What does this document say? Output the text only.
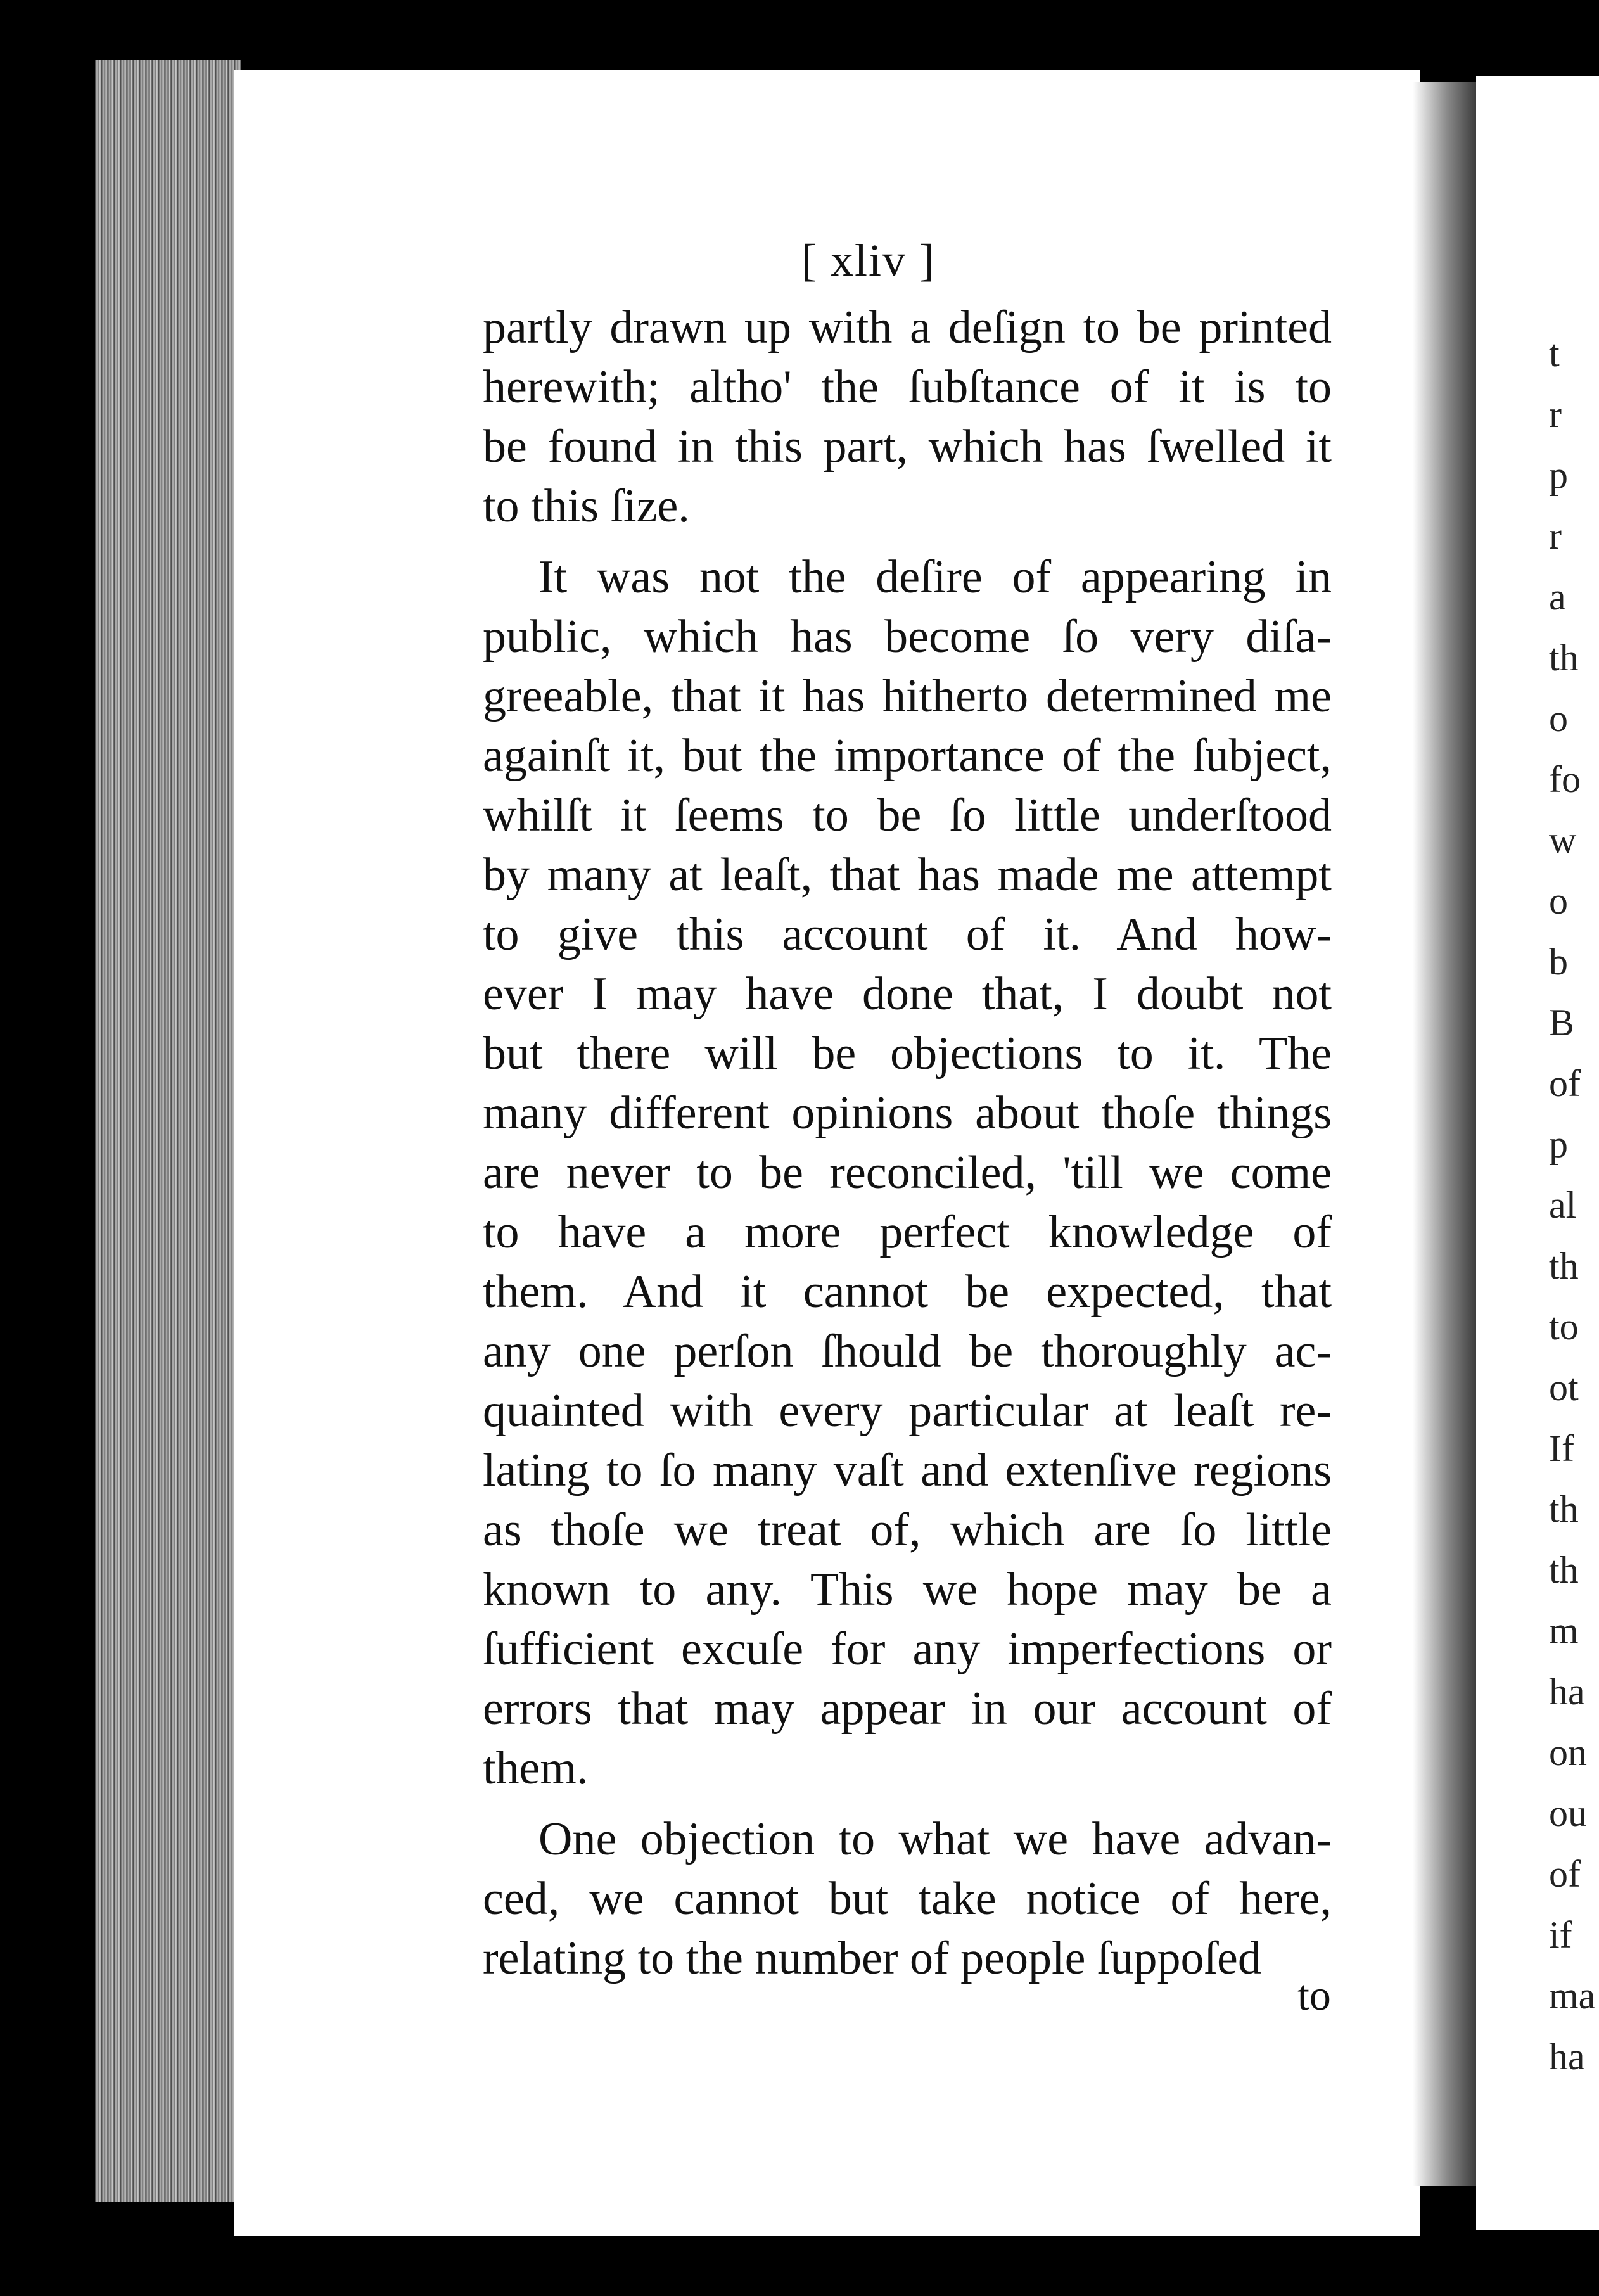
t
r
p
r
a
th
o
fo
w
o
b
B
of
p
al
th
to
ot
If
th
th
m
ha
on
ou
of
if
ma
ha
[ xliv ]
partly drawn up with a deſign to be printed
herewith; altho' the ſubſtance of it is to
be found in this part, which has ſwelled it
to this ſize.
It was not the deſire of appearing in
public, which has become ſo very diſa-
greeable, that it has hitherto determined me
againſt it, but the importance of the ſubject,
whilſt it ſeems to be ſo little underſtood
by many at leaſt, that has made me attempt
to give this account of it. And how-
ever I may have done that, I doubt not
but there will be objections to it. The
many different opinions about thoſe things
are never to be reconciled, 'till we come
to have a more perfect knowledge of
them. And it cannot be expected, that
any one perſon ſhould be thoroughly ac-
quainted with every particular at leaſt re-
lating to ſo many vaſt and extenſive regions
as thoſe we treat of, which are ſo little
known to any. This we hope may be a
ſufficient excuſe for any imperfections or
errors that may appear in our account of
them.
One objection to what we have advan-
ced, we cannot but take notice of here,
relating to the number of people ſuppoſed
to
